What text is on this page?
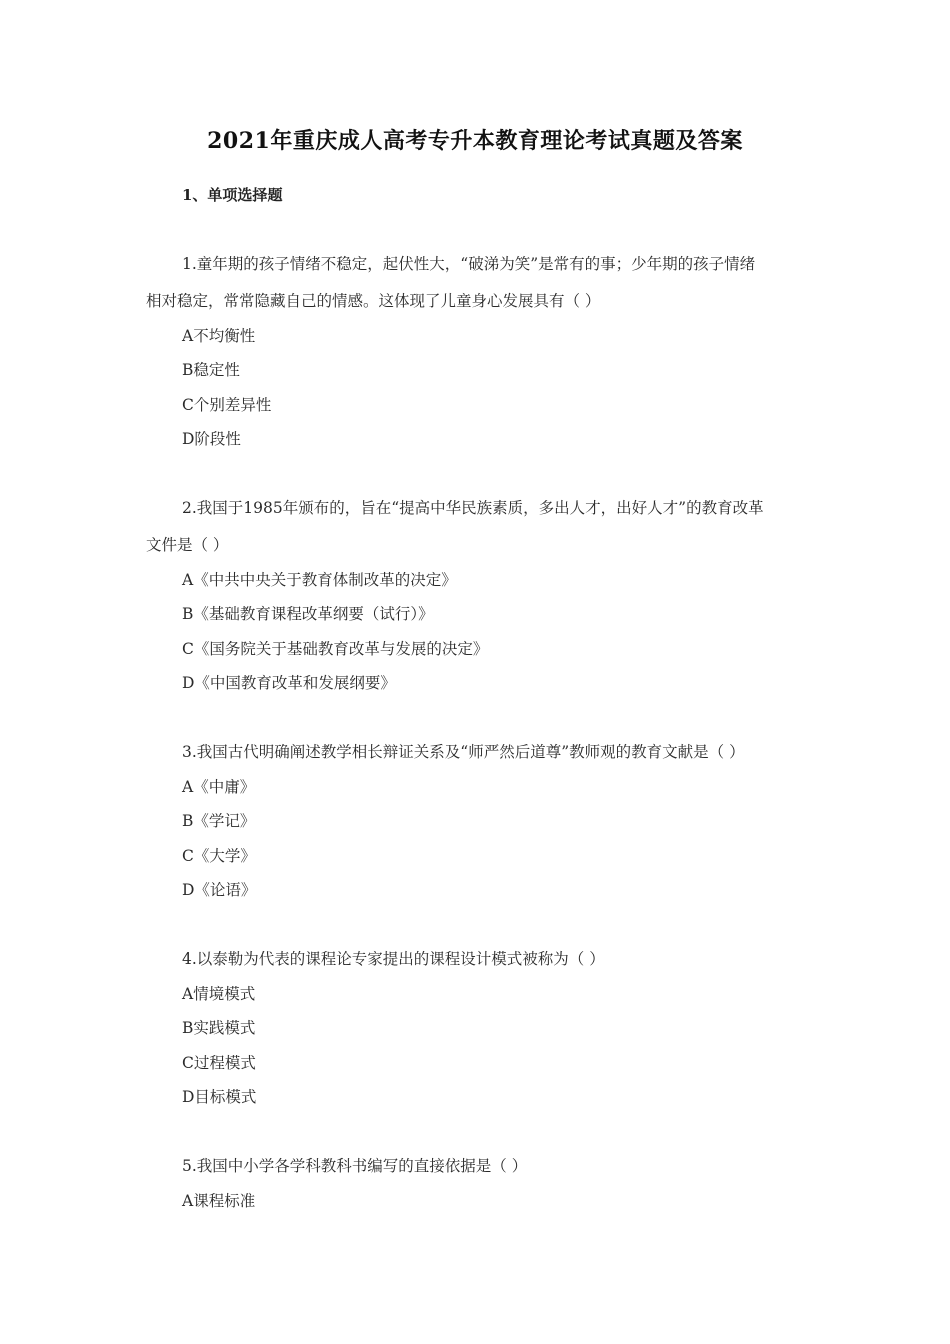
2021年重庆成人高考专升本教育理论考试真题及答案
1、单项选择题
1.童年期的孩子情绪不稳定，起伏性大，“破涕为笑”是常有的事；少年期的孩子情绪
相对稳定，常常隐藏自己的情感。这体现了儿童身心发展具有（ ）
A不均衡性
B稳定性
C个别差异性
D阶段性
2.我国于1985年颁布的，旨在“提高中华民族素质，多出人才，出好人才”的教育改革
文件是（ ）
A《中共中央关于教育体制改革的决定》
B《基础教育课程改革纲要（试行）》
C《国务院关于基础教育改革与发展的决定》
D《中国教育改革和发展纲要》
3.我国古代明确阐述教学相长辩证关系及“师严然后道尊”教师观的教育文献是（ ）
A《中庸》
B《学记》
C《大学》
D《论语》
4.以泰勒为代表的课程论专家提出的课程设计模式被称为（ ）
A情境模式
B实践模式
C过程模式
D目标模式
5.我国中小学各学科教科书编写的直接依据是（ ）
A课程标准
